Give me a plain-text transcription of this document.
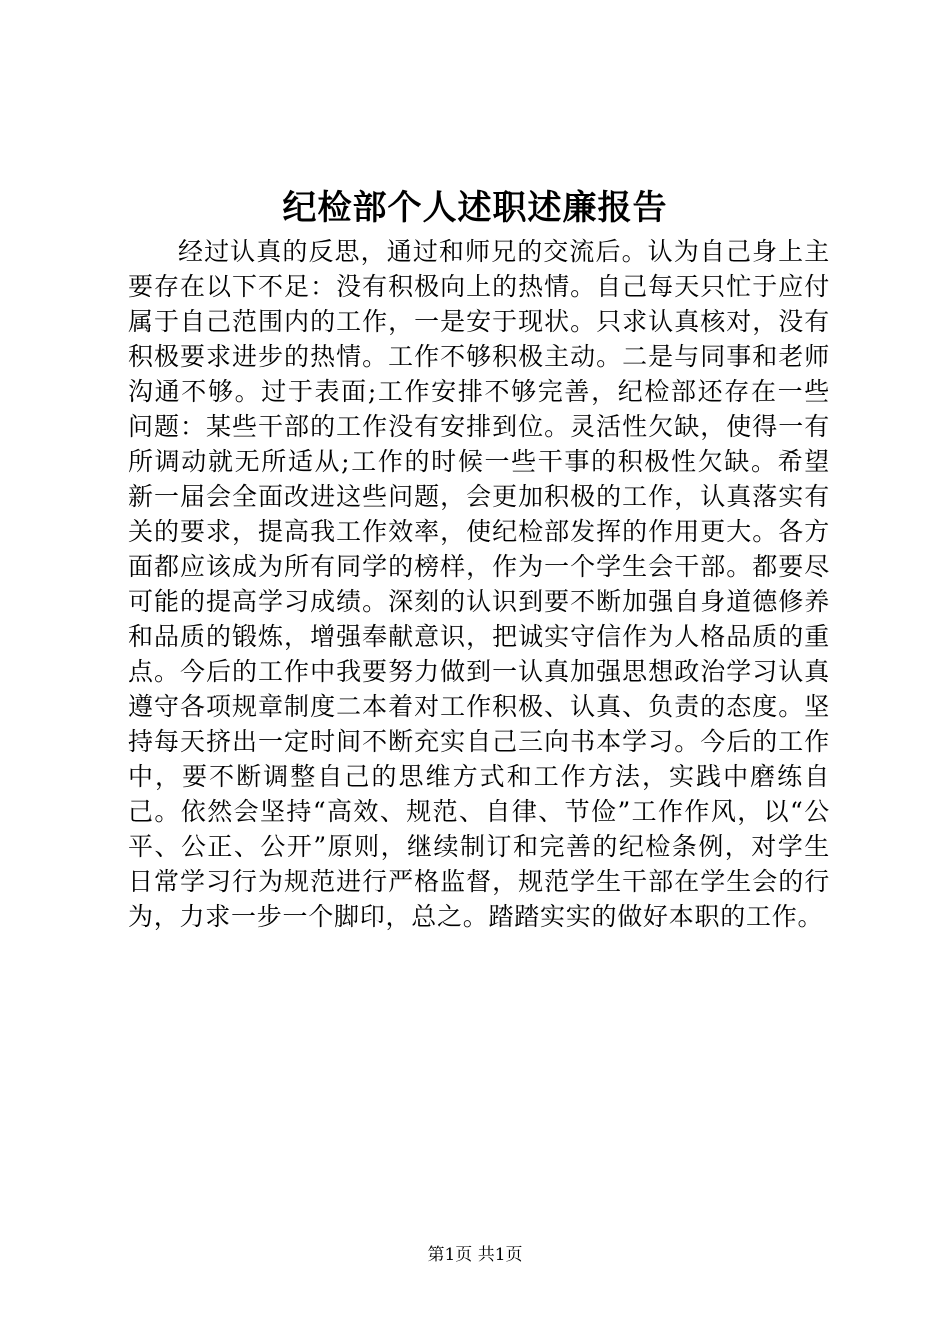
纪检部个人述职述廉报告

经过认真的反思，通过和师兄的交流后。认为自己身上主要存在以下不足：没有积极向上的热情。自己每天只忙于应付属于自己范围内的工作，一是安于现状。只求认真核对，没有积极要求进步的热情。工作不够积极主动。二是与同事和老师沟通不够。过于表面;工作安排不够完善，纪检部还存在一些问题：某些干部的工作没有安排到位。灵活性欠缺，使得一有所调动就无所适从;工作的时候一些干事的积极性欠缺。希望新一届会全面改进这些问题，会更加积极的工作，认真落实有关的要求，提高我工作效率，使纪检部发挥的作用更大。各方面都应该成为所有同学的榜样，作为一个学生会干部。都要尽可能的提高学习成绩。深刻的认识到要不断加强自身道德修养和品质的锻炼，增强奉献意识，把诚实守信作为人格品质的重点。今后的工作中我要努力做到一认真加强思想政治学习认真遵守各项规章制度二本着对工作积极、认真、负责的态度。坚持每天挤出一定时间不断充实自己三向书本学习。今后的工作中，要不断调整自己的思维方式和工作方法，实践中磨练自己。依然会坚持“高效、规范、自律、节俭”工作作风，以“公平、公正、公开”原则，继续制订和完善的纪检条例，对学生日常学习行为规范进行严格监督，规范学生干部在学生会的行为，力求一步一个脚印，总之。踏踏实实的做好本职的工作。

第1页 共1页
